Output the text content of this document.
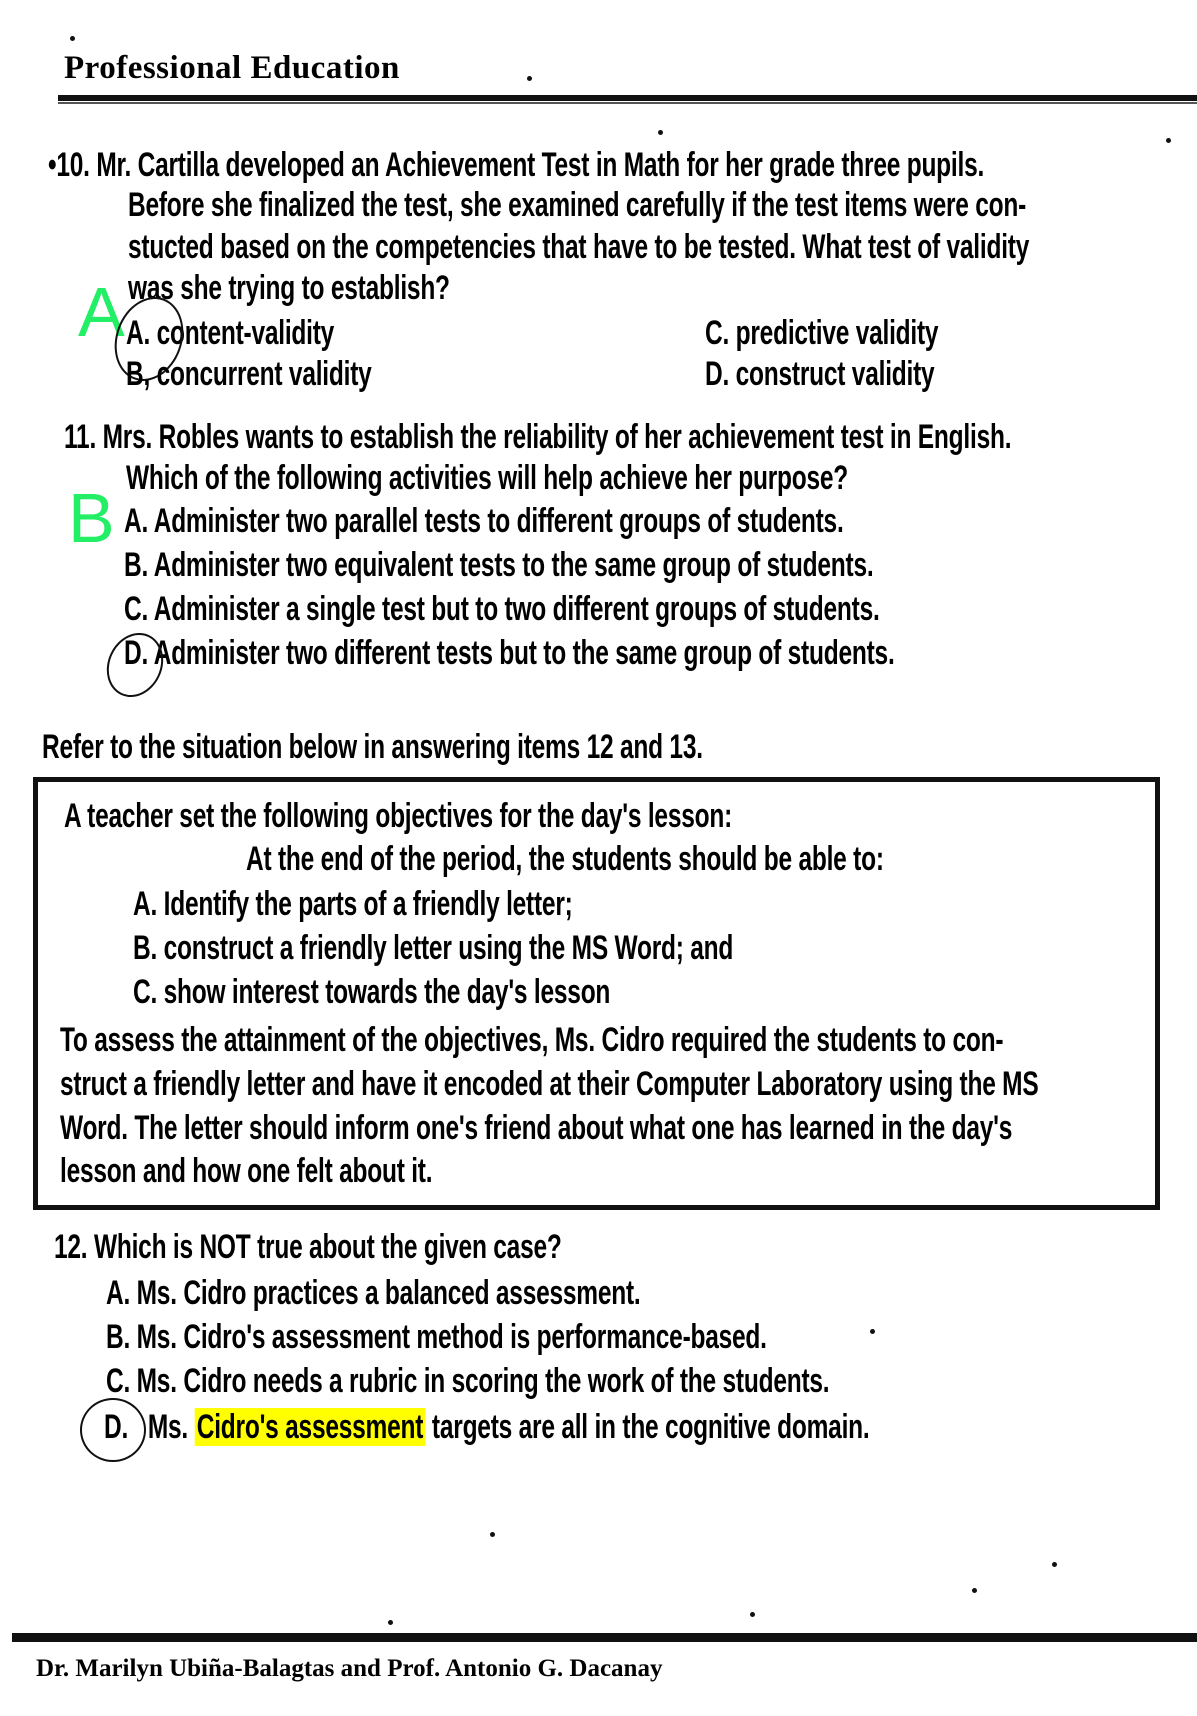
Professional Education
•10. Mr. Cartilla developed an Achievement Test in Math for her grade three pupils.
Before she finalized the test, she examined carefully if the test items were con-
stucted based on the competencies that have to be tested. What test of validity
was she trying to establish?
A A. content-validity
B, concurrent validity
C. predictive validity
D. construct validity
11. Mrs. Robles wants to establish the reliability of her achievement test in English.
Which of the following activities will help achieve her purpose?
B A. Administer two parallel tests to different groups of students.
B. Administer two equivalent tests to the same group of students.
C. Administer a single test but to two different groups of students.
D. Administer two different tests but to the same group of students.
Refer to the situation below in answering items 12 and 13.
A teacher set the following objectives for the day's lesson:
At the end of the period, the students should be able to:
A. Identify the parts of a friendly letter;
B. construct a friendly letter using the MS Word; and
C. show interest towards the day's lesson
To assess the attainment of the objectives, Ms. Cidro required the students to con-
struct a friendly letter and have it encoded at their Computer Laboratory using the MS
Word. The letter should inform one's friend about what one has learned in the day's
lesson and how one felt about it.
12. Which is NOT true about the given case?
A. Ms. Cidro practices a balanced assessment.
B. Ms. Cidro's assessment method is performance-based.
C. Ms. Cidro needs a rubric in scoring the work of the students.
D. Ms. Cidro's assessment targets are all in the cognitive domain.
Dr. Marilyn Ubiña-Balagtas and Prof. Antonio G. Dacanay
